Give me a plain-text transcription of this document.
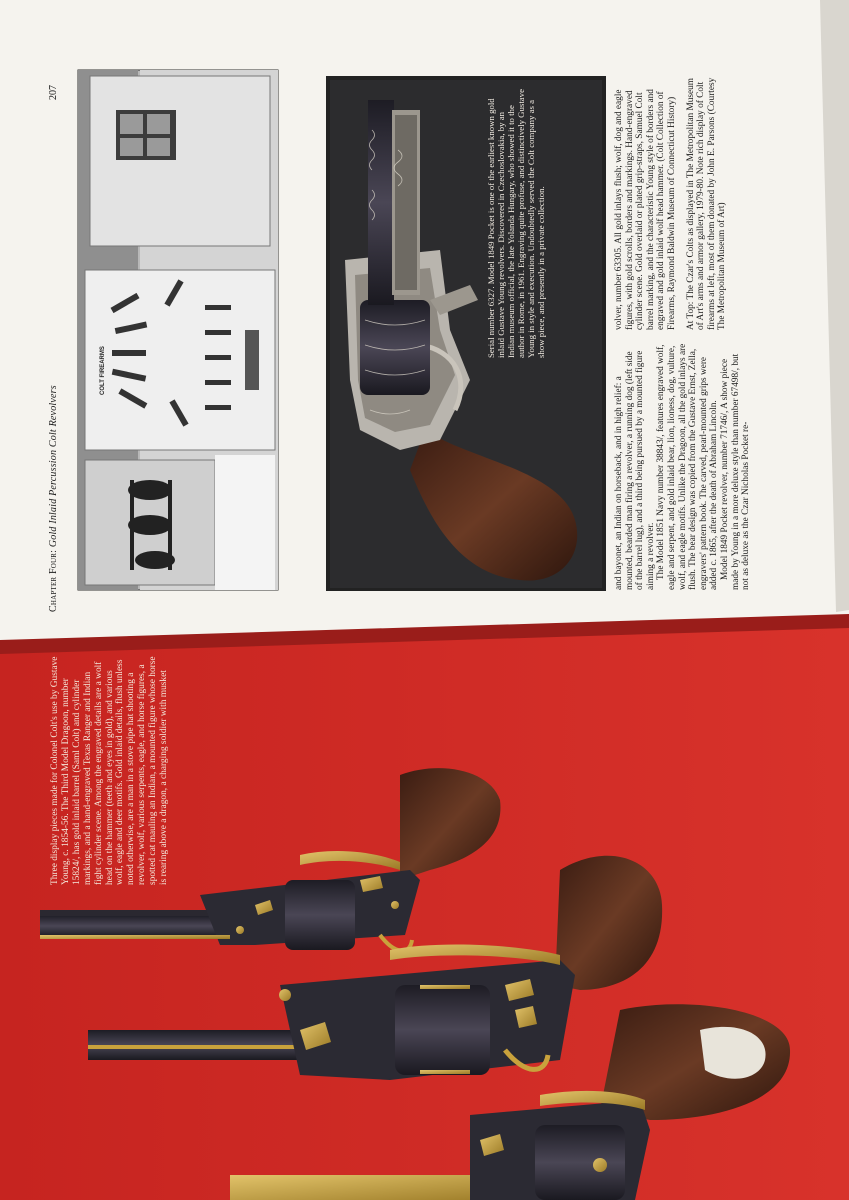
Chapter Four: Gold Inlaid Percussion Colt Revolvers
207
COLT FIREARMS

Serial number 6327. Model 1849 Pocket is one of the earliest known gold inlaid Gustave Young revolvers. Discovered in Czechoslovakia, by an Indian museum official, the late Yolanda Hungary, who showed it to the author in Rome, in 1961. Engraving quite profuse, and distinctively Gustave Young in style and execution. Undoubtedly served the Colt company as a show piece, and presently in a private collection.

and bayonet, an Indian on horseback, and in high relief: a mounted, bearded man firing a revolver, a running dog (left side of the barrel lug), and a third being pursued by a mounted figure aiming a revolver. The Model 1851 Navy number 38843/, features engraved wolf, eagle and serpent, and gold inlaid bear, lion, lioness, dog, vulture, wolf, and eagle motifs. Unlike the Dragoon, all the gold inlays are flush. The bear design was copied from the Gustave Ernst, Zella, engravers' pattern book. The carved, pearl-mounted grips were added c. 1865, after the death of Abraham Lincoln. Model 1849 Pocket revolver, number 71746/, A show piece made by Young in a more deluxe style than number 67498/, but not as deluxe as the Czar Nicholas Pocket re-

volver, number 63305. All gold inlays flush; wolf, dog and eagle figures, with gold scrolls, borders and markings. Hand-engraved cylinder scene. Gold overlaid or plated grip-straps, Samuel Colt barrel marking, and the characteristic Young style of borders and engraved and gold inlaid wolf head hammer. (Colt Collection of Firearms, Raymond Baldwin Museum of Connecticut History) At Top: The Czar's Colts as displayed in The Metropolitan Museum of Art's arms and armor gallery, 1979-80. Note rich display of Colt firearms at left, most of them donated by John E. Parsons (Courtesy The Metropolitan Museum of Art)

Three display pieces made for Colonel Colt's use by Gustave Young, c. 1854-56. The Third Model Dragoon, number 15824/, has gold inlaid barrel (Saml Colt) and cylinder markings, and a hand-engraved Texas Ranger and Indian fight cylinder scene. Among the engraved details are a wolf head on the hammer (teeth and eyes in gold), and various wolf, eagle and deer motifs. Gold inlaid details, flush unless noted otherwise, are a man in a stove pipe hat shooting a revolver, wolf, various serpents, eagle, and horse figures, a spotted cat mauling an Indian, a mounted figure whose horse is rearing above a dragon, a charging soldier with musket
